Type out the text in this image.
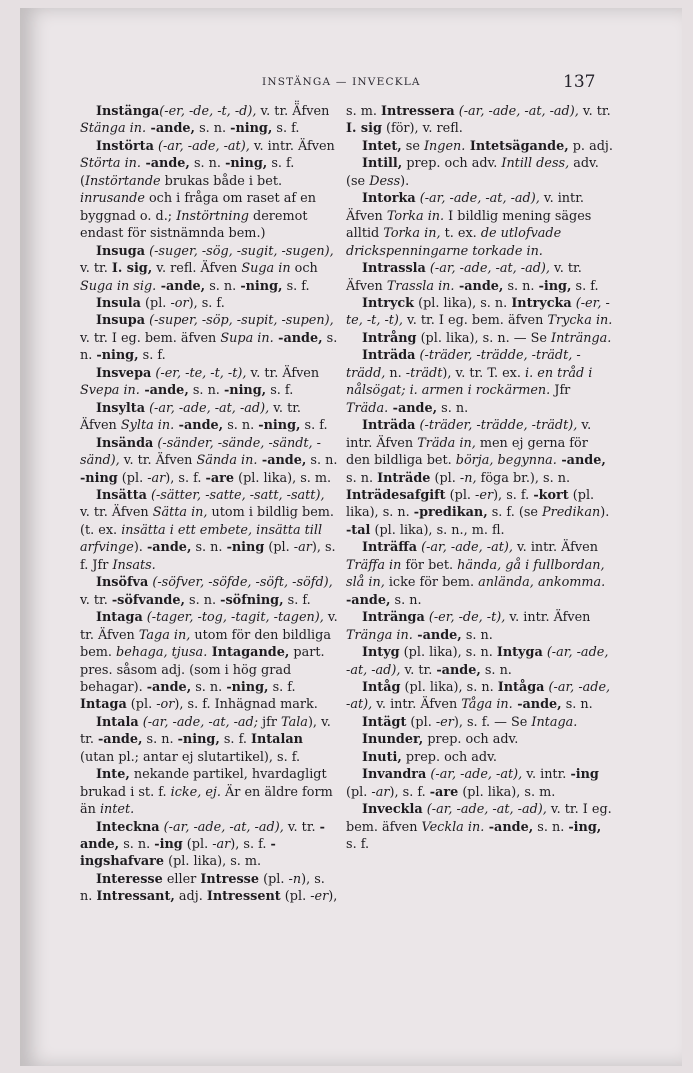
INSTÄNGA — INVECKLA	137

Instänga(-er, -de, -t, -d), v. tr. Ä̈fven Stänga in. -ande, s. n. -ning, s. f.

Instörta (-ar, -ade, -at), v. intr. Äfven Störta in. -ande, s. n. -ning, s. f. (Instörtande brukas både i bet. inrusande och i fråga om raset af en byggnad o. d.; Instörtning deremot endast för sistnämnda bem.)

Insuga (-suger, -sög, -sugit, -sugen), v. tr. I. sig, v. refl. Äfven Suga in och Suga in sig. -ande, s. n. -ning, s. f.

Insula (pl. -or), s. f.

Insupa (-super, -söp, -supit, -supen), v. tr. I eg. bem. äfven Supa in. -ande, s. n. -ning, s. f.

Insvepa (-er, -te, -t, -t), v. tr. Äfven Svepa in. -ande, s. n. -ning, s. f.

Insylta (-ar, -ade, -at, -ad), v. tr. Äfven Sylta in. -ande, s. n. -ning, s. f.

Insända (-sänder, -sände, -sändt, -sänd), v. tr. Äfven Sända in. -ande, s. n. -ning (pl. -ar), s. f. -are (pl. lika), s. m.

Insätta (-sätter, -satte, -satt, -satt), v. tr. Äfven Sätta in, utom i bildlig bem. (t. ex. insätta i ett embete, insätta till arfvinge). -ande, s. n. -ning (pl. -ar), s. f. Jfr Insats.

Insöfva (-söfver, -söfde, -söft, -söfd), v. tr. -söfvande, s. n. -söfning, s. f.

Intaga (-tager, -tog, -tagit, -tagen), v. tr. Äfven Taga in, utom för den bildliga bem. behaga, tjusa. Intagande, part. pres. såsom adj. (som i hög grad behagar). -ande, s. n. -ning, s. f. Intaga (pl. -or), s. f. Inhägnad mark.

Intala (-ar, -ade, -at, -ad; jfr Tala), v. tr. -ande, s. n. -ning, s. f. Intalan (utan pl.; antar ej slutartikel), s. f.

Inte, nekande partikel, hvardagligt brukad i st. f. icke, ej. Är en äldre form än intet.

Inteckna (-ar, -ade, -at, -ad), v. tr. -ande, s. n. -ing (pl. -ar), s. f. -ingshafvare (pl. lika), s. m.

Interesse eller Intresse (pl. -n), s. n. Intressant, adj. Intressent (pl. -er),

s. m. Intressera (-ar, -ade, -at, -ad), v. tr. I. sig (för), v. refl.

Intet, se Ingen. Intetsägande, p. adj.

Intill, prep. och adv. Intill dess, adv. (se Dess).

Intorka (-ar, -ade, -at, -ad), v. intr. Äfven Torka in. I bildlig mening säges alltid Torka in, t. ex. de utlofvade drickspenningarne torkade in.

Intrassla (-ar, -ade, -at, -ad), v. tr. Äfven Trassla in. -ande, s. n. -ing, s. f.

Intryck (pl. lika), s. n. Intrycka (-er, -te, -t, -t), v. tr. I eg. bem. äfven Trycka in.

Intrång (pl. lika), s. n. — Se Inträngа.

Inträda (-träder, -trädde, -trädt, -trädd, n. -trädt), v. tr. T. ex. i. en tråd i nålsögat; i. armen i rockärmen. Jfr Träda. -ande, s. n.

Inträda (-träder, -trädde, -trädt), v. intr. Äfven Träda in, men ej gerna för den bildliga bet. börja, begynna. -ande, s. n. Inträde (pl. -n, föga br.), s. n. Inträdesafgift (pl. -er), s. f. -kort (pl. lika), s. n. -predikan, s. f. (se Predikan). -tal (pl. lika), s. n., m. fl.

Inträffa (-ar, -ade, -at), v. intr. Äfven Träffa in för bet. hända, gå i fullbordan, slå in, icke för bem. anlända, ankomma. -ande, s. n.

Intränga (-er, -de, -t), v. intr. Äfven Tränga in. -ande, s. n.

Intyg (pl. lika), s. n. Intyga (-ar, -ade, -at, -ad), v. tr. -ande, s. n.

Intåg (pl. lika), s. n. Intåga (-ar, -ade, -at), v. intr. Äfven Tåga in. -ande, s. n.

Intägt (pl. -er), s. f. — Se Intaga.

Inunder, prep. och adv.

Inuti, prep. och adv.

Invandra (-ar, -ade, -at), v. intr. -ing (pl. -ar), s. f. -are (pl. lika), s. m.

Inveckla (-ar, -ade, -at, -ad), v. tr. I eg. bem. äfven Veckla in. -ande, s. n. -ing, s. f.
